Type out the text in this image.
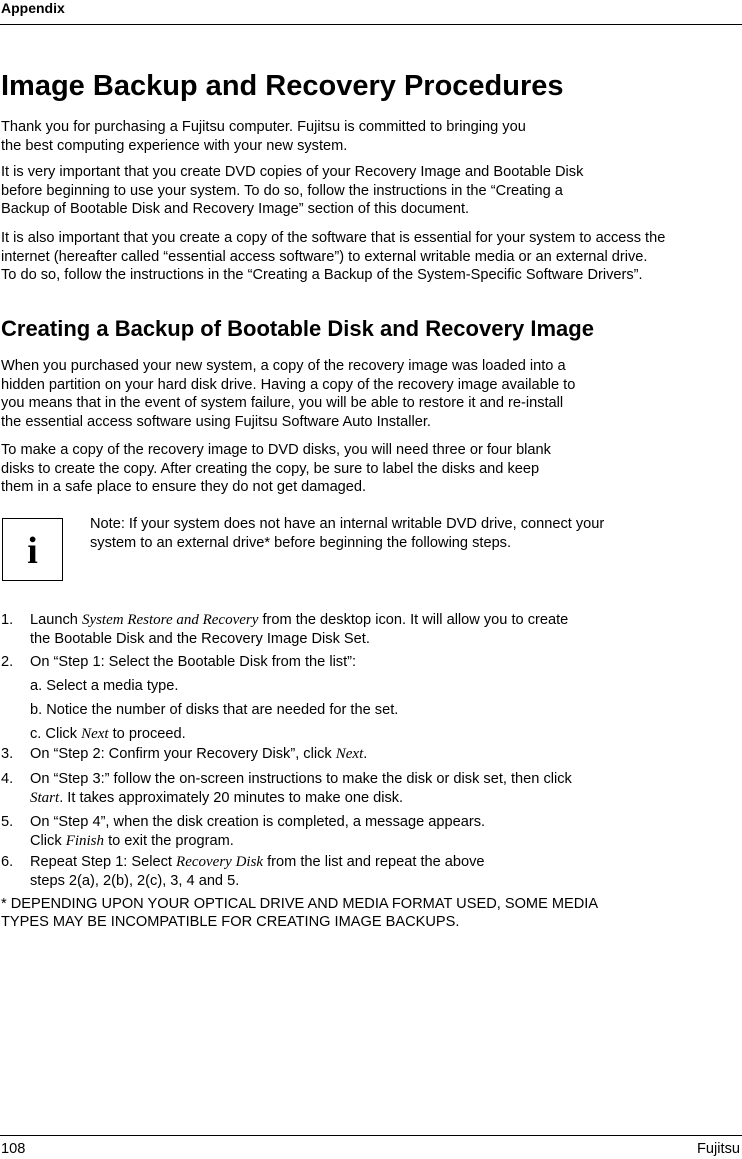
Appendix
Image Backup and Recovery Procedures
Thank you for purchasing a Fujitsu computer. Fujitsu is committed to bringing you
the best computing experience with your new system.
It is very important that you create DVD copies of your Recovery Image and Bootable Disk
before beginning to use your system. To do so, follow the instructions in the “Creating a
Backup of Bootable Disk and Recovery Image” section of this document.
It is also important that you create a copy of the software that is essential for your system to access the
internet (hereafter called “essential access software”) to external writable media or an external drive.
To do so, follow the instructions in the “Creating a Backup of the System-Specific Software Drivers”.
Creating a Backup of Bootable Disk and Recovery Image
When you purchased your new system, a copy of the recovery image was loaded into a
hidden partition on your hard disk drive. Having a copy of the recovery image available to
you means that in the event of system failure, you will be able to restore it and re-install
the essential access software using Fujitsu Software Auto Installer.
To make a copy of the recovery image to DVD disks, you will need three or four blank
disks to create the copy. After creating the copy, be sure to label the disks and keep
them in a safe place to ensure they do not get damaged.
i
Note: If your system does not have an internal writable DVD drive, connect your
system to an external drive* before beginning the following steps.
1. Launch System Restore and Recovery from the desktop icon. It will allow you to create
the Bootable Disk and the Recovery Image Disk Set.
2. On “Step 1: Select the Bootable Disk from the list”:
a. Select a media type.
b. Notice the number of disks that are needed for the set.
c. Click Next to proceed.
3. On “Step 2: Confirm your Recovery Disk”, click Next.
4. On “Step 3:” follow the on-screen instructions to make the disk or disk set, then click
Start. It takes approximately 20 minutes to make one disk.
5. On “Step 4”, when the disk creation is completed, a message appears.
Click Finish to exit the program.
6. Repeat Step 1: Select Recovery Disk from the list and repeat the above
steps 2(a), 2(b), 2(c), 3, 4 and 5.
* DEPENDING UPON YOUR OPTICAL DRIVE AND MEDIA FORMAT USED, SOME MEDIA
TYPES MAY BE INCOMPATIBLE FOR CREATING IMAGE BACKUPS.
108	Fujitsu
